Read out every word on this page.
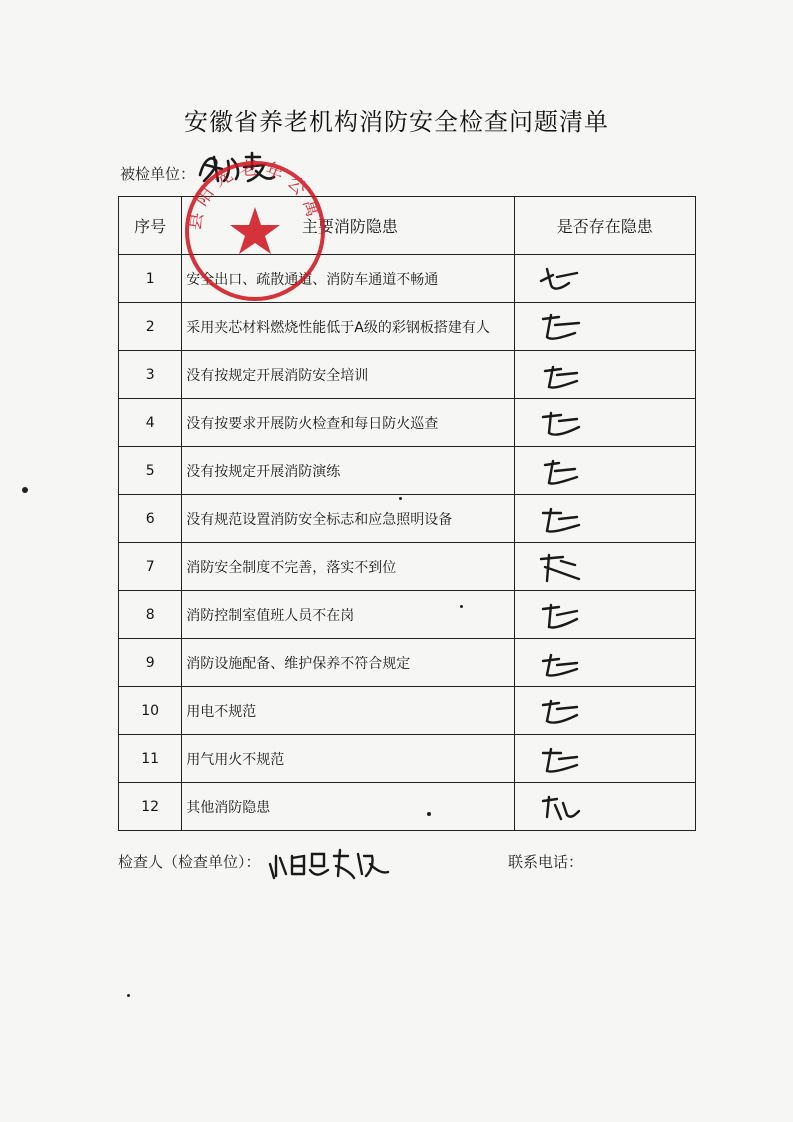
安徽省养老机构消防安全检查问题清单
被检单位：
序号	主要消防隐患	是否存在隐患
1	安全出口、疏散通道、消防车通道不畅通	

2	采用夹芯材料燃烧性能低于A级的彩钢板搭建有人	

3	没有按规定开展消防安全培训	

4	没有按要求开展防火检查和每日防火巡查	

5	没有按规定开展消防演练	

6	没有规范设置消防安全标志和应急照明设备	

7	消防安全制度不完善，落实不到位	

8	消防控制室值班人员不在岗	

9	消防设施配备、维护保养不符合规定	

10	用电不规范	

11	用气用火不规范	

12	其他消防隐患	
县阳光老年公寓
检查人（检查单位）：	联系电话：
